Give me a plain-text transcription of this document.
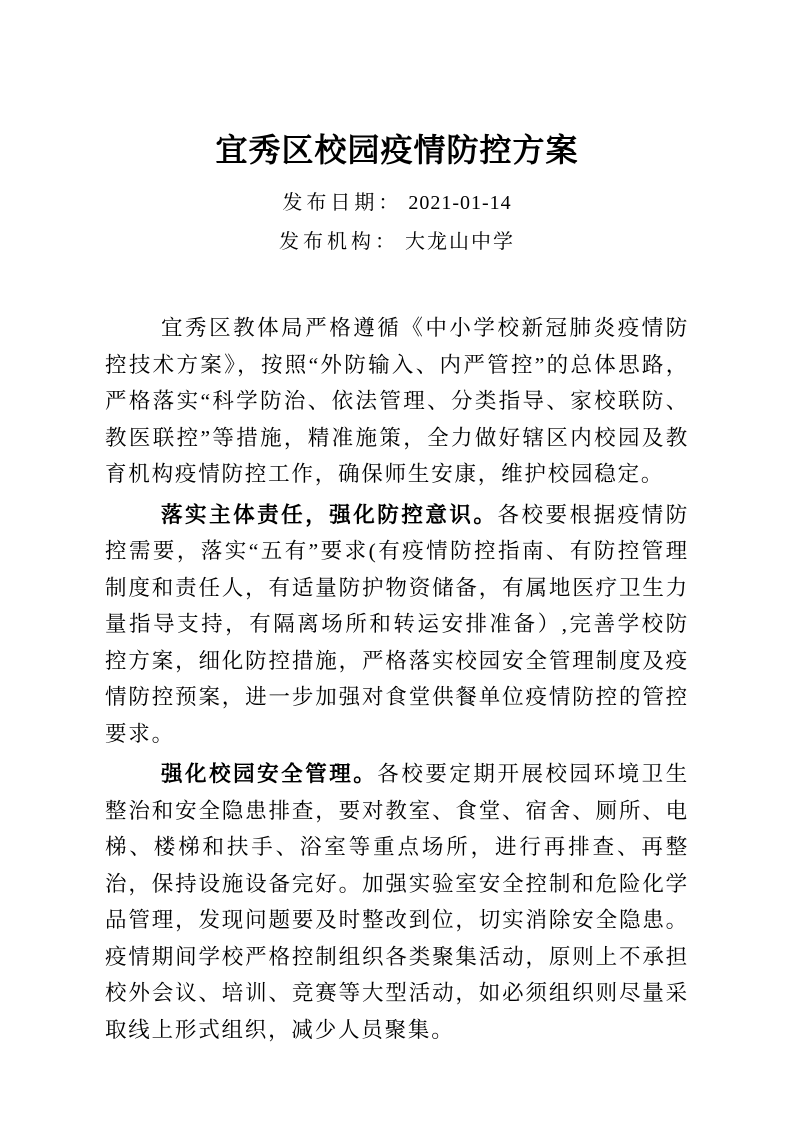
宜秀区校园疫情防控方案
发布日期： 2021-01-14
发布机构： 大龙山中学

宜秀区教体局严格遵循《中小学校新冠肺炎疫情防控技术方案》，按照“外防输入、内严管控”的总体思路，严格落实“科学防治、依法管理、分类指导、家校联防、教医联控”等措施，精准施策，全力做好辖区内校园及教育机构疫情防控工作，确保师生安康，维护校园稳定。

落实主体责任，强化防控意识。各校要根据疫情防控需要，落实“五有”要求(有疫情防控指南、有防控管理制度和责任人，有适量防护物资储备，有属地医疗卫生力量指导支持，有隔离场所和转运安排准备）,完善学校防控方案，细化防控措施，严格落实校园安全管理制度及疫情防控预案，进一步加强对食堂供餐单位疫情防控的管控要求。

强化校园安全管理。各校要定期开展校园环境卫生整治和安全隐患排查，要对教室、食堂、宿舍、厕所、电梯、楼梯和扶手、浴室等重点场所，进行再排查、再整治，保持设施设备完好。加强实验室安全控制和危险化学品管理，发现问题要及时整改到位，切实消除安全隐患。疫情期间学校严格控制组织各类聚集活动，原则上不承担校外会议、培训、竞赛等大型活动，如必须组织则尽量采取线上形式组织，减少人员聚集。
